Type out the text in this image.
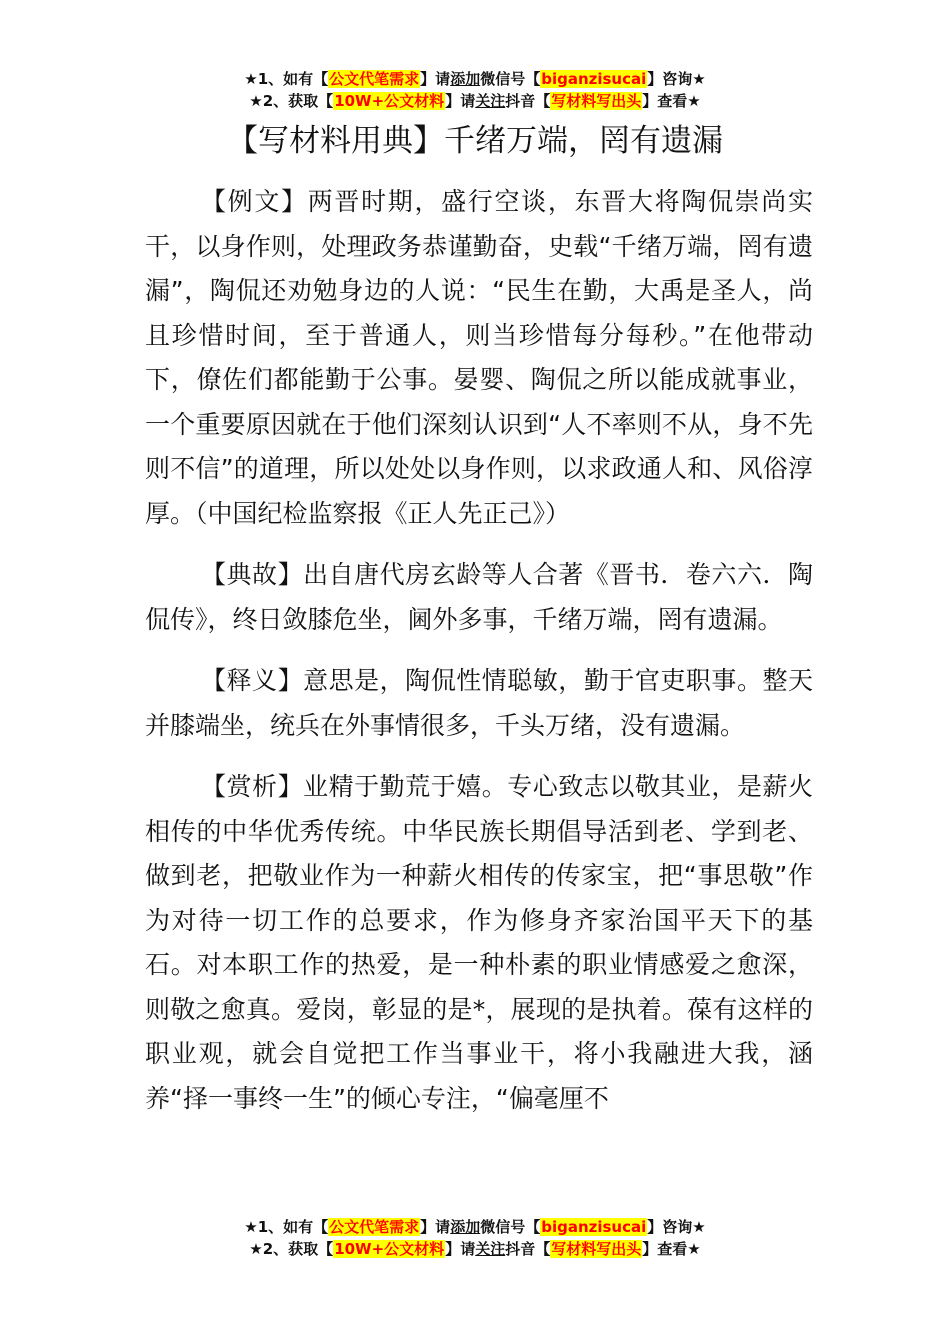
★1、如有【公文代笔需求】请添加微信号【biganzisucai】咨询★
★2、获取【10W+公文材料】请关注抖音【写材料写出头】查看★
【写材料用典】千绪万端，罔有遗漏

【例文】两晋时期，盛行空谈，东晋大将陶侃崇尚实干，以身作则，处理政务恭谨勤奋，史载“千绪万端，罔有遗漏”，陶侃还劝勉身边的人说：“民生在勤，大禹是圣人，尚且珍惜时间，至于普通人，则当珍惜每分每秒。”在他带动下，僚佐们都能勤于公事。晏婴、陶侃之所以能成就事业，一个重要原因就在于他们深刻认识到“人不率则不从，身不先则不信”的道理，所以处处以身作则，以求政通人和、风俗淳厚。（中国纪检监察报《正人先正己》）

【典故】出自唐代房玄龄等人合著《晋书．卷六六．陶侃传》，终日敛膝危坐，阃外多事，千绪万端，罔有遗漏。

【释义】意思是，陶侃性情聪敏，勤于官吏职事。整天并膝端坐，统兵在外事情很多，千头万绪，没有遗漏。

【赏析】业精于勤荒于嬉。专心致志以敬其业，是薪火相传的中华优秀传统。中华民族长期倡导活到老、学到老、做到老，把敬业作为一种薪火相传的传家宝，把“事思敬”作为对待一切工作的总要求，作为修身齐家治国平天下的基石。对本职工作的热爱，是一种朴素的职业情感爱之愈深，则敬之愈真。爱岗，彰显的是*，展现的是执着。葆有这样的职业观，就会自觉把工作当事业干，将小我融进大我，涵养“择一事终一生”的倾心专注，“偏毫厘不

★1、如有【公文代笔需求】请添加微信号【biganzisucai】咨询★
★2、获取【10W+公文材料】请关注抖音【写材料写出头】查看★
